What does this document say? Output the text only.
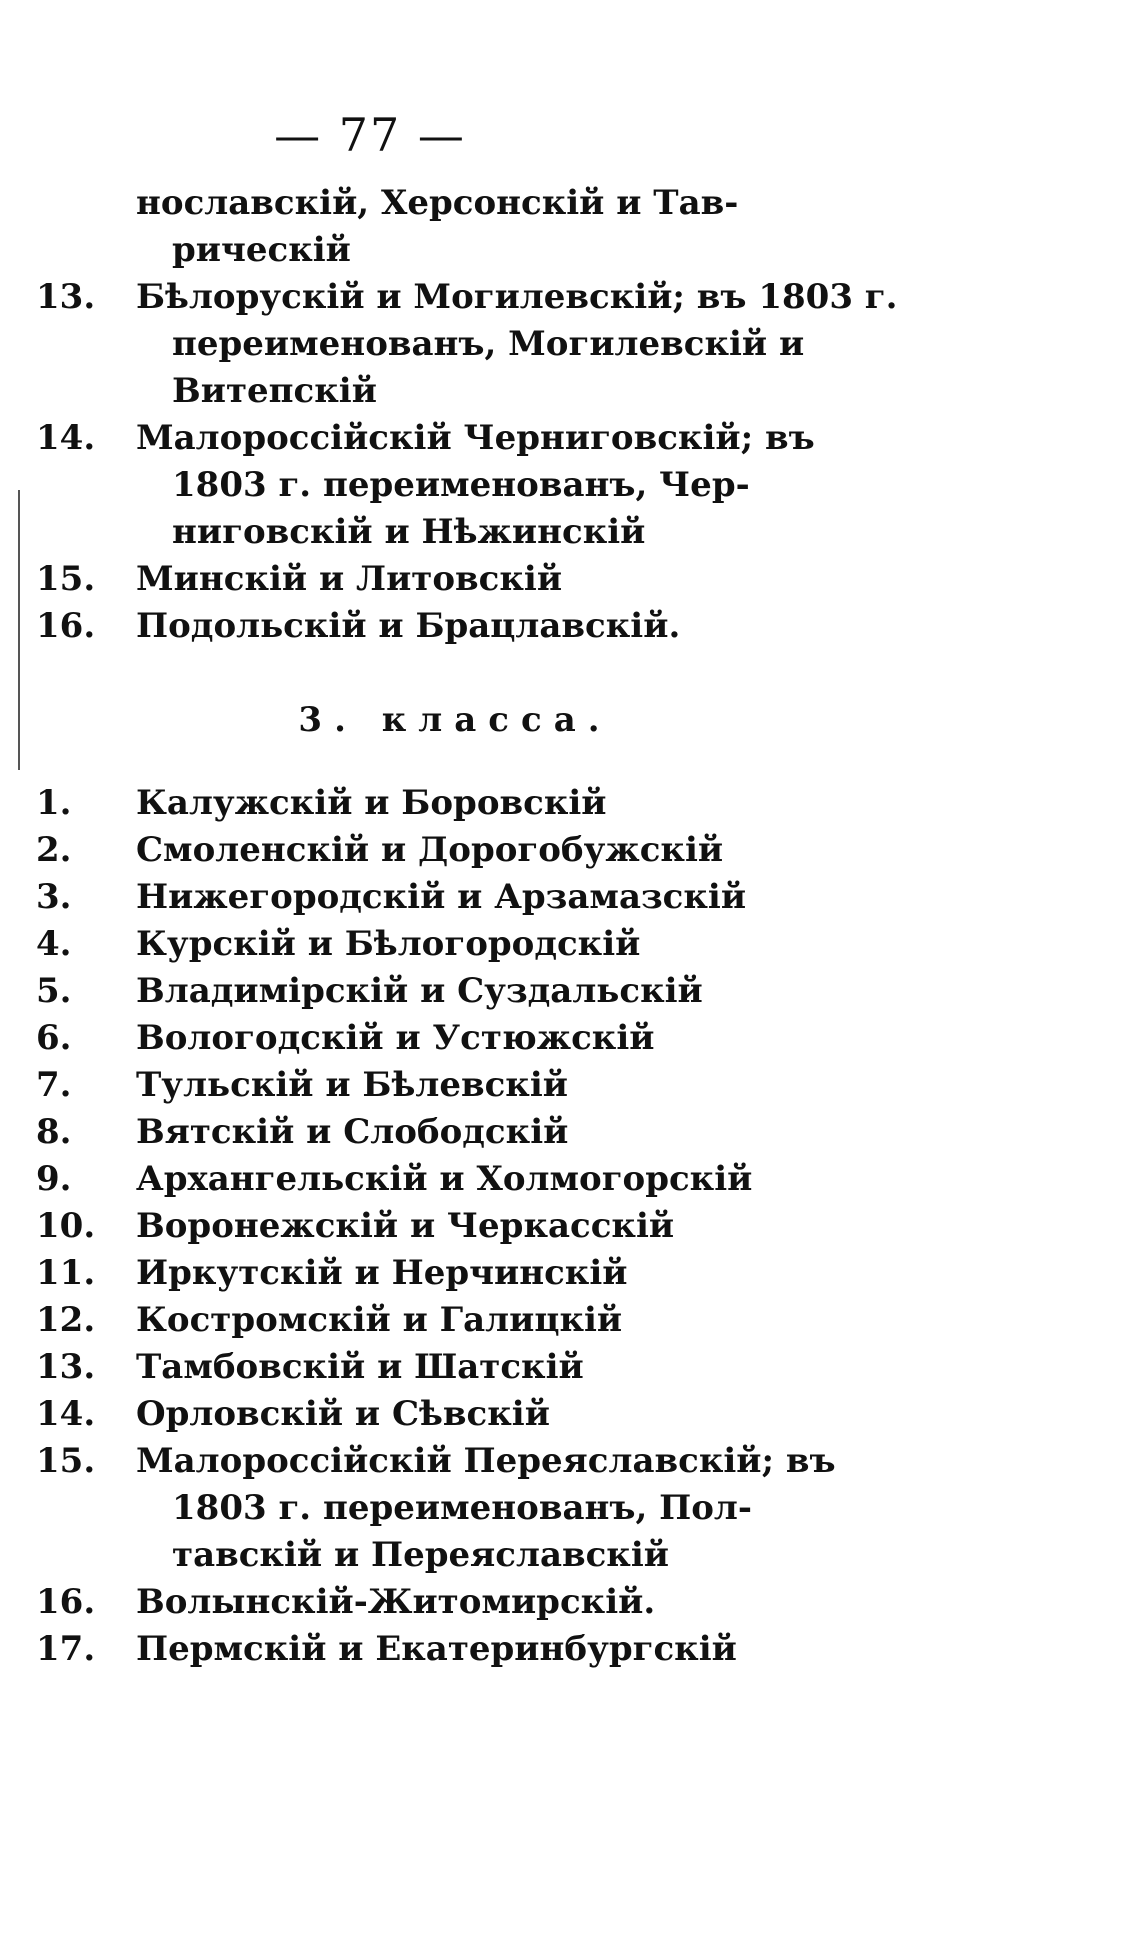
— 77 —
нославскій, Херсонскій и Тав-
рическій
13.	Бѣлорускій и Могилевскій; въ 1803 г.
переименованъ, Могилевскій и
Витепскій
14.	Малороссійскій Черниговскій; въ
1803 г. переименованъ, Чер-
ниговскій и Нѣжинскій
15.	Минскій и Литовскій
16.	Подольскій и Брацлавскій.
3. класса.
1.	Калужскій и Боровскій
2.	Смоленскій и Дорогобужскій
3.	Нижегородскій и Арзамазскій
4.	Курскій и Бѣлогородскій
5.	Владимірскій и Суздальскій
6.	Вологодскій и Устюжскій
7.	Тульскій и Бѣлевскій
8.	Вятскій и Слободскій
9.	Архангельскій и Холмогорскій
10.	Воронежскій и Черкасскій
11.	Иркутскій и Нерчинскій
12.	Костромскій и Галицкій
13.	Тамбовскій и Шатскій
14.	Орловскій и Сѣвскій
15.	Малороссійскій Переяславскій; въ
1803 г. переименованъ, Пол-
тавскій и Переяславскій
16.	Волынскій-Житомирскій.
17.	Пермскій и Екатеринбургскій
